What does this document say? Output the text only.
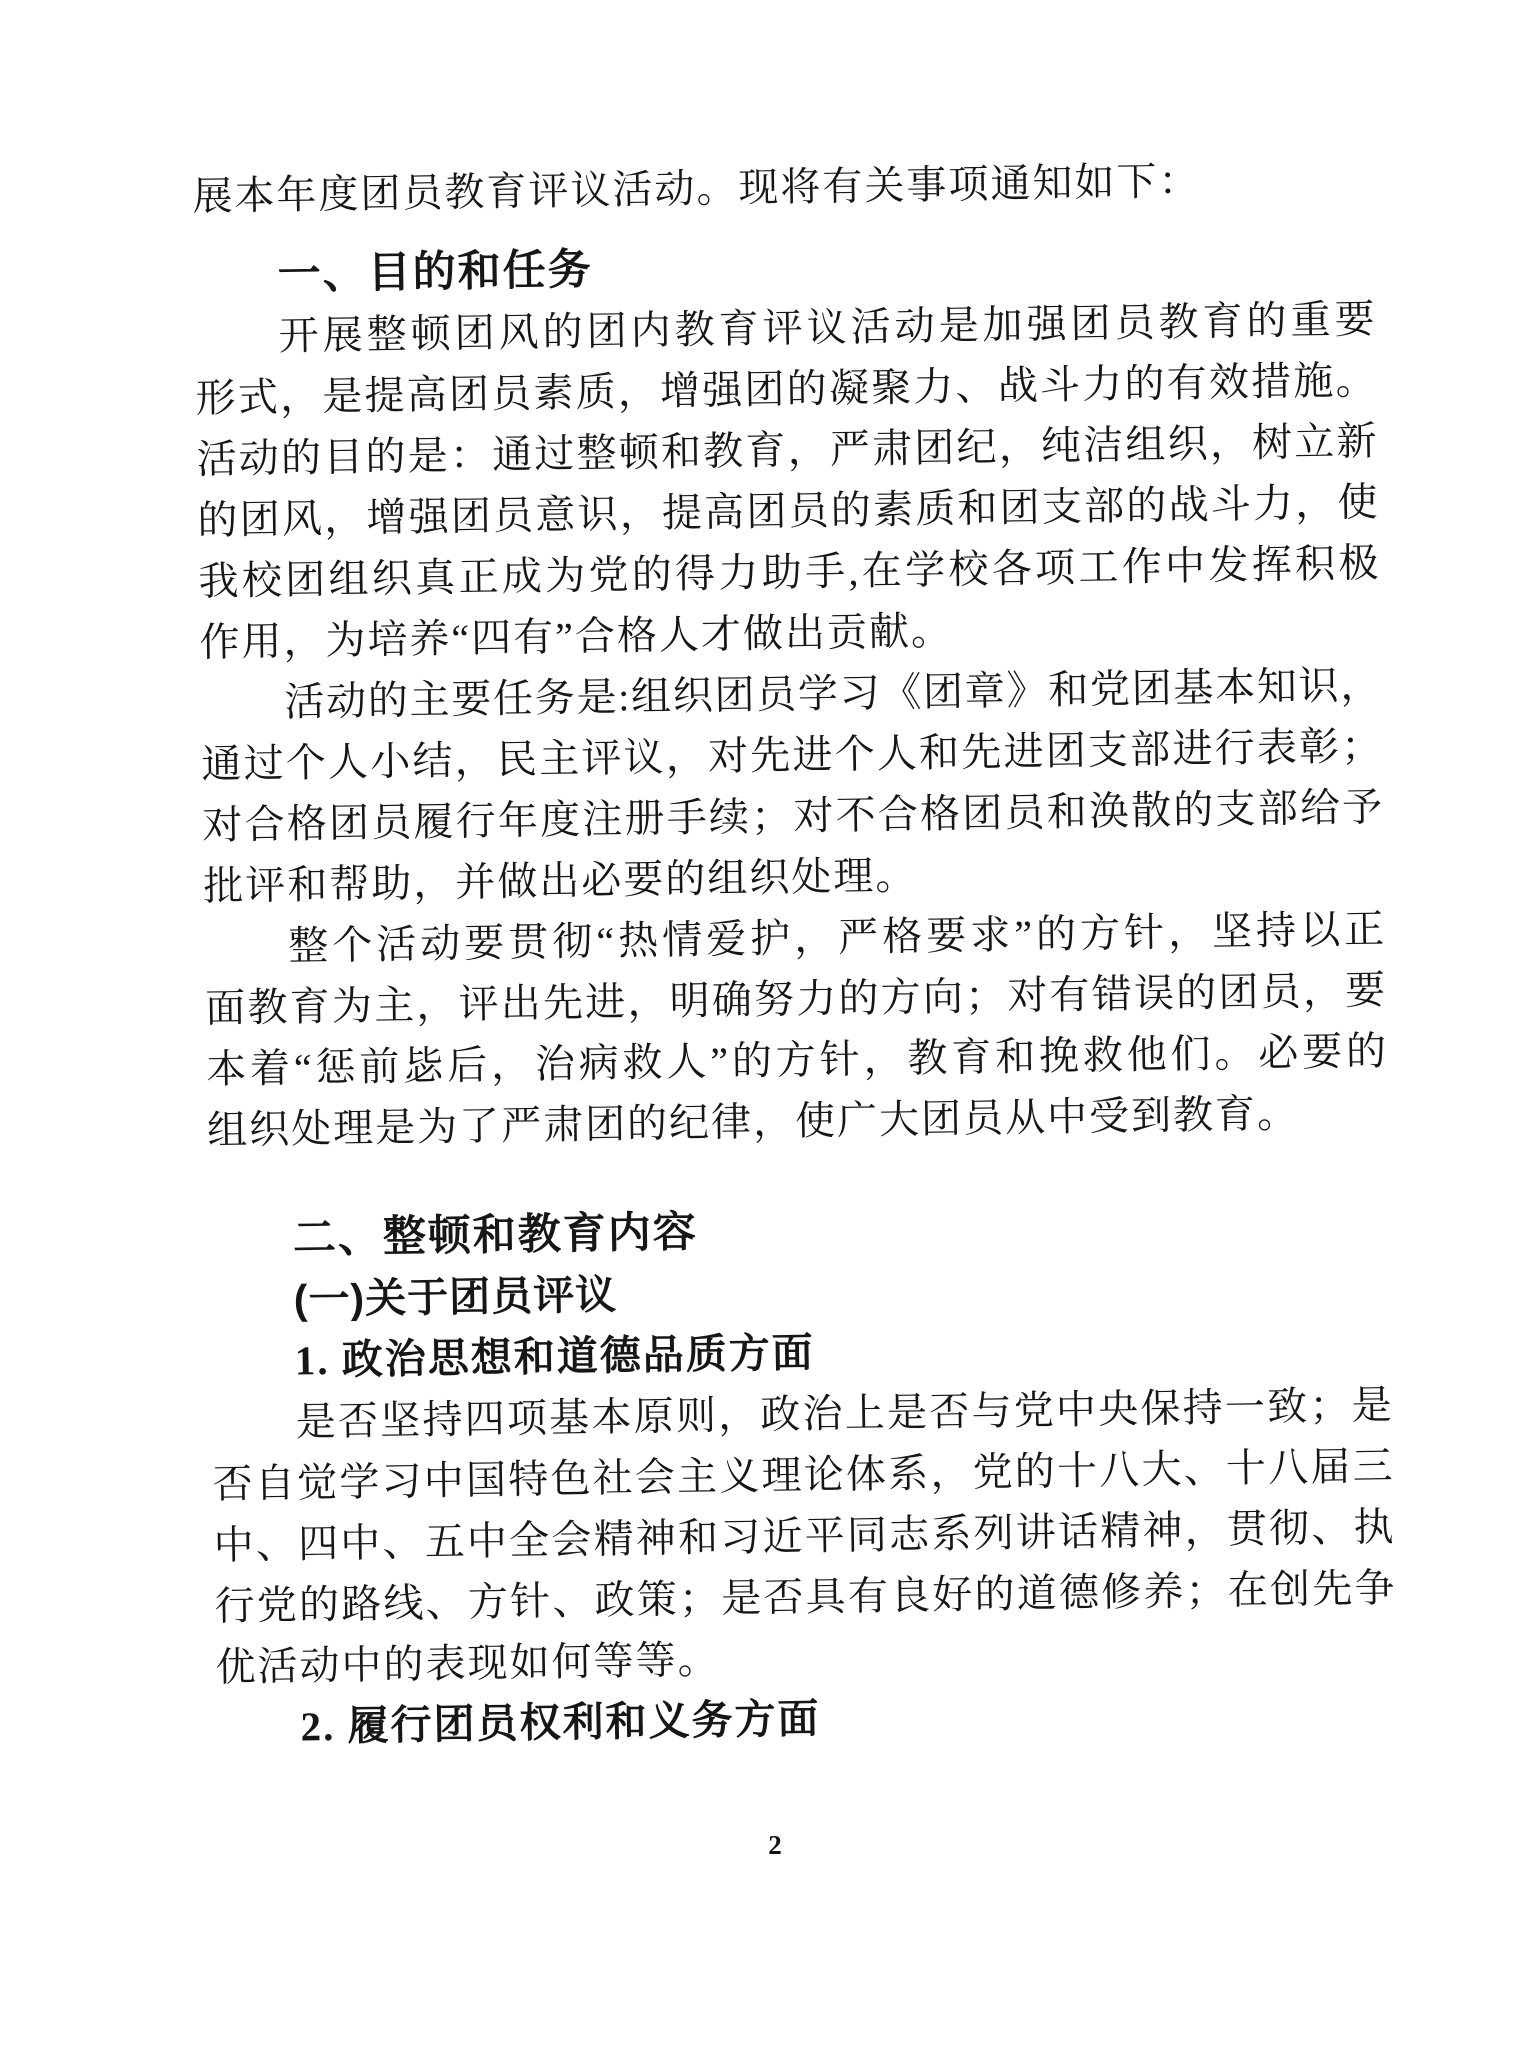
展本年度团员教育评议活动。现将有关事项通知如下：
一、目的和任务
开展整顿团风的团内教育评议活动是加强团员教育的重要
形式，是提高团员素质，增强团的凝聚力、战斗力的有效措施。
活动的目的是：通过整顿和教育，严肃团纪，纯洁组织，树立新
的团风，增强团员意识，提高团员的素质和团支部的战斗力，使
我校团组织真正成为党的得力助手,在学校各项工作中发挥积极
作用，为培养“四有”合格人才做出贡献。
活动的主要任务是:组织团员学习《团章》和党团基本知识，
通过个人小结，民主评议，对先进个人和先进团支部进行表彰；
对合格团员履行年度注册手续；对不合格团员和涣散的支部给予
批评和帮助，并做出必要的组织处理。
整个活动要贯彻“热情爱护，严格要求”的方针，坚持以正
面教育为主，评出先进，明确努力的方向；对有错误的团员，要
本着“惩前毖后，治病救人”的方针，教育和挽救他们。必要的
组织处理是为了严肃团的纪律，使广大团员从中受到教育。
二、整顿和教育内容
(一)关于团员评议
1. 政治思想和道德品质方面
是否坚持四项基本原则，政治上是否与党中央保持一致；是
否自觉学习中国特色社会主义理论体系，党的十八大、十八届三
中、四中、五中全会精神和习近平同志系列讲话精神，贯彻、执
行党的路线、方针、政策；是否具有良好的道德修养；在创先争
优活动中的表现如何等等。
2. 履行团员权利和义务方面
2
